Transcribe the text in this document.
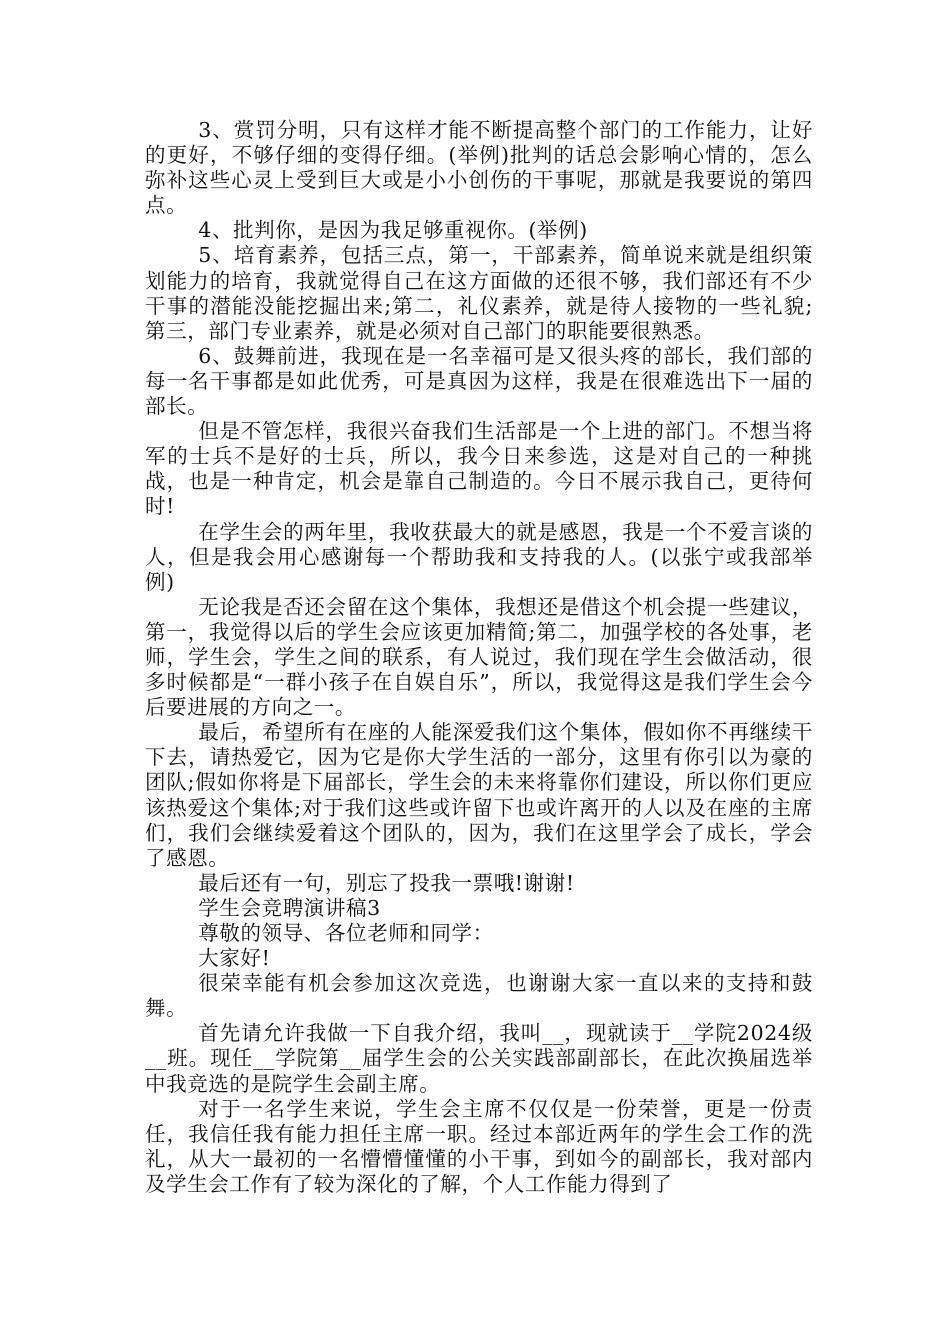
3、赏罚分明，只有这样才能不断提高整个部门的工作能力，让好的更好，不够仔细的变得仔细。(举例)批判的话总会影响心情的，怎么弥补这些心灵上受到巨大或是小小创伤的干事呢，那就是我要说的第四点。

4、批判你，是因为我足够重视你。(举例)

5、培育素养，包括三点，第一，干部素养，简单说来就是组织策划能力的培育，我就觉得自己在这方面做的还很不够，我们部还有不少干事的潜能没能挖掘出来;第二，礼仪素养，就是待人接物的一些礼貌;第三，部门专业素养，就是必须对自己部门的职能要很熟悉。

6、鼓舞前进，我现在是一名幸福可是又很头疼的部长，我们部的每一名干事都是如此优秀，可是真因为这样，我是在很难选出下一届的部长。

但是不管怎样，我很兴奋我们生活部是一个上进的部门。不想当将军的士兵不是好的士兵，所以，我今日来参选，这是对自己的一种挑战，也是一种肯定，机会是靠自己制造的。今日不展示我自己，更待何时!

在学生会的两年里，我收获最大的就是感恩，我是一个不爱言谈的人，但是我会用心感谢每一个帮助我和支持我的人。(以张宁或我部举例)

无论我是否还会留在这个集体，我想还是借这个机会提一些建议，第一，我觉得以后的学生会应该更加精简;第二，加强学校的各处事，老师，学生会，学生之间的联系，有人说过，我们现在学生会做活动，很多时候都是“一群小孩子在自娱自乐”，所以，我觉得这是我们学生会今后要进展的方向之一。

最后，希望所有在座的人能深爱我们这个集体，假如你不再继续干下去，请热爱它，因为它是你大学生活的一部分，这里有你引以为豪的团队;假如你将是下届部长，学生会的未来将靠你们建设，所以你们更应该热爱这个集体;对于我们这些或许留下也或许离开的人以及在座的主席们，我们会继续爱着这个团队的，因为，我们在这里学会了成长，学会了感恩。

最后还有一句，别忘了投我一票哦!谢谢!

学生会竞聘演讲稿3

尊敬的领导、各位老师和同学：

大家好!

很荣幸能有机会参加这次竞选，也谢谢大家一直以来的支持和鼓舞。

首先请允许我做一下自我介绍，我叫__，现就读于__学院2024级__班。现任__学院第__届学生会的公关实践部副部长，在此次换届选举中我竞选的是院学生会副主席。

对于一名学生来说，学生会主席不仅仅是一份荣誉，更是一份责任，我信任我有能力担任主席一职。经过本部近两年的学生会工作的洗礼，从大一最初的一名懵懵懂懂的小干事，到如今的副部长，我对部内及学生会工作有了较为深化的了解，个人工作能力得到了
